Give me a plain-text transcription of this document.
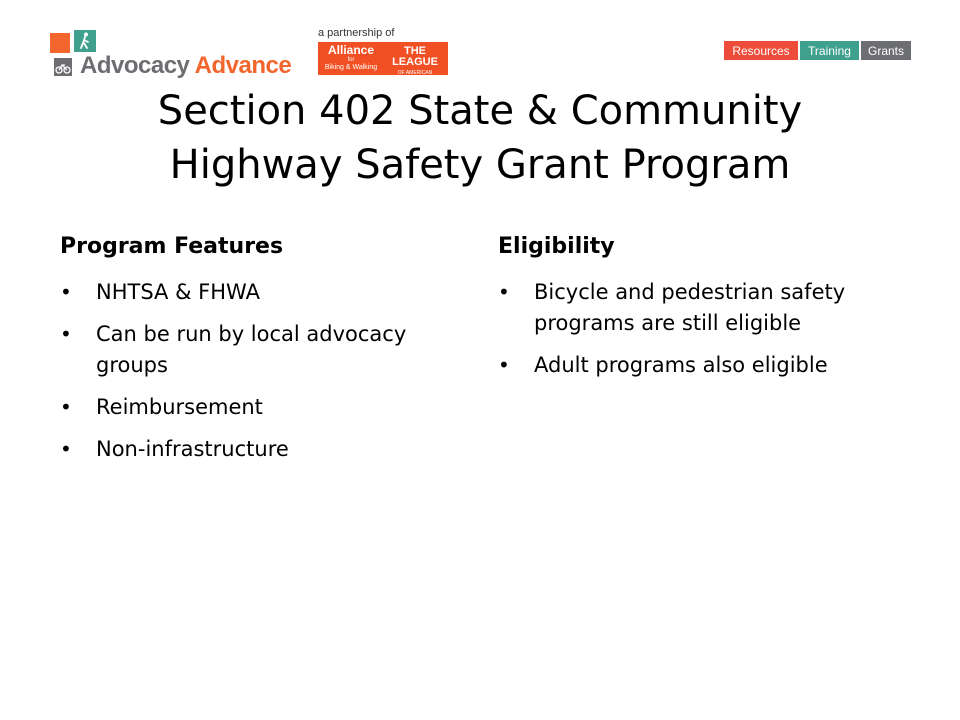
Advocacy Advance
a partnership of
Alliance
for
Biking & Walking
THE LEAGUE
OF AMERICAN BICYCLISTS
Resources	Training	Grants
Section 402 State & Community
Highway Safety Grant Program
Program Features
• NHTSA & FHWA
• Can be run by local advocacy groups
• Reimbursement
• Non-infrastructure
Eligibility
• Bicycle and pedestrian safety programs are still eligible
• Adult programs also eligible
